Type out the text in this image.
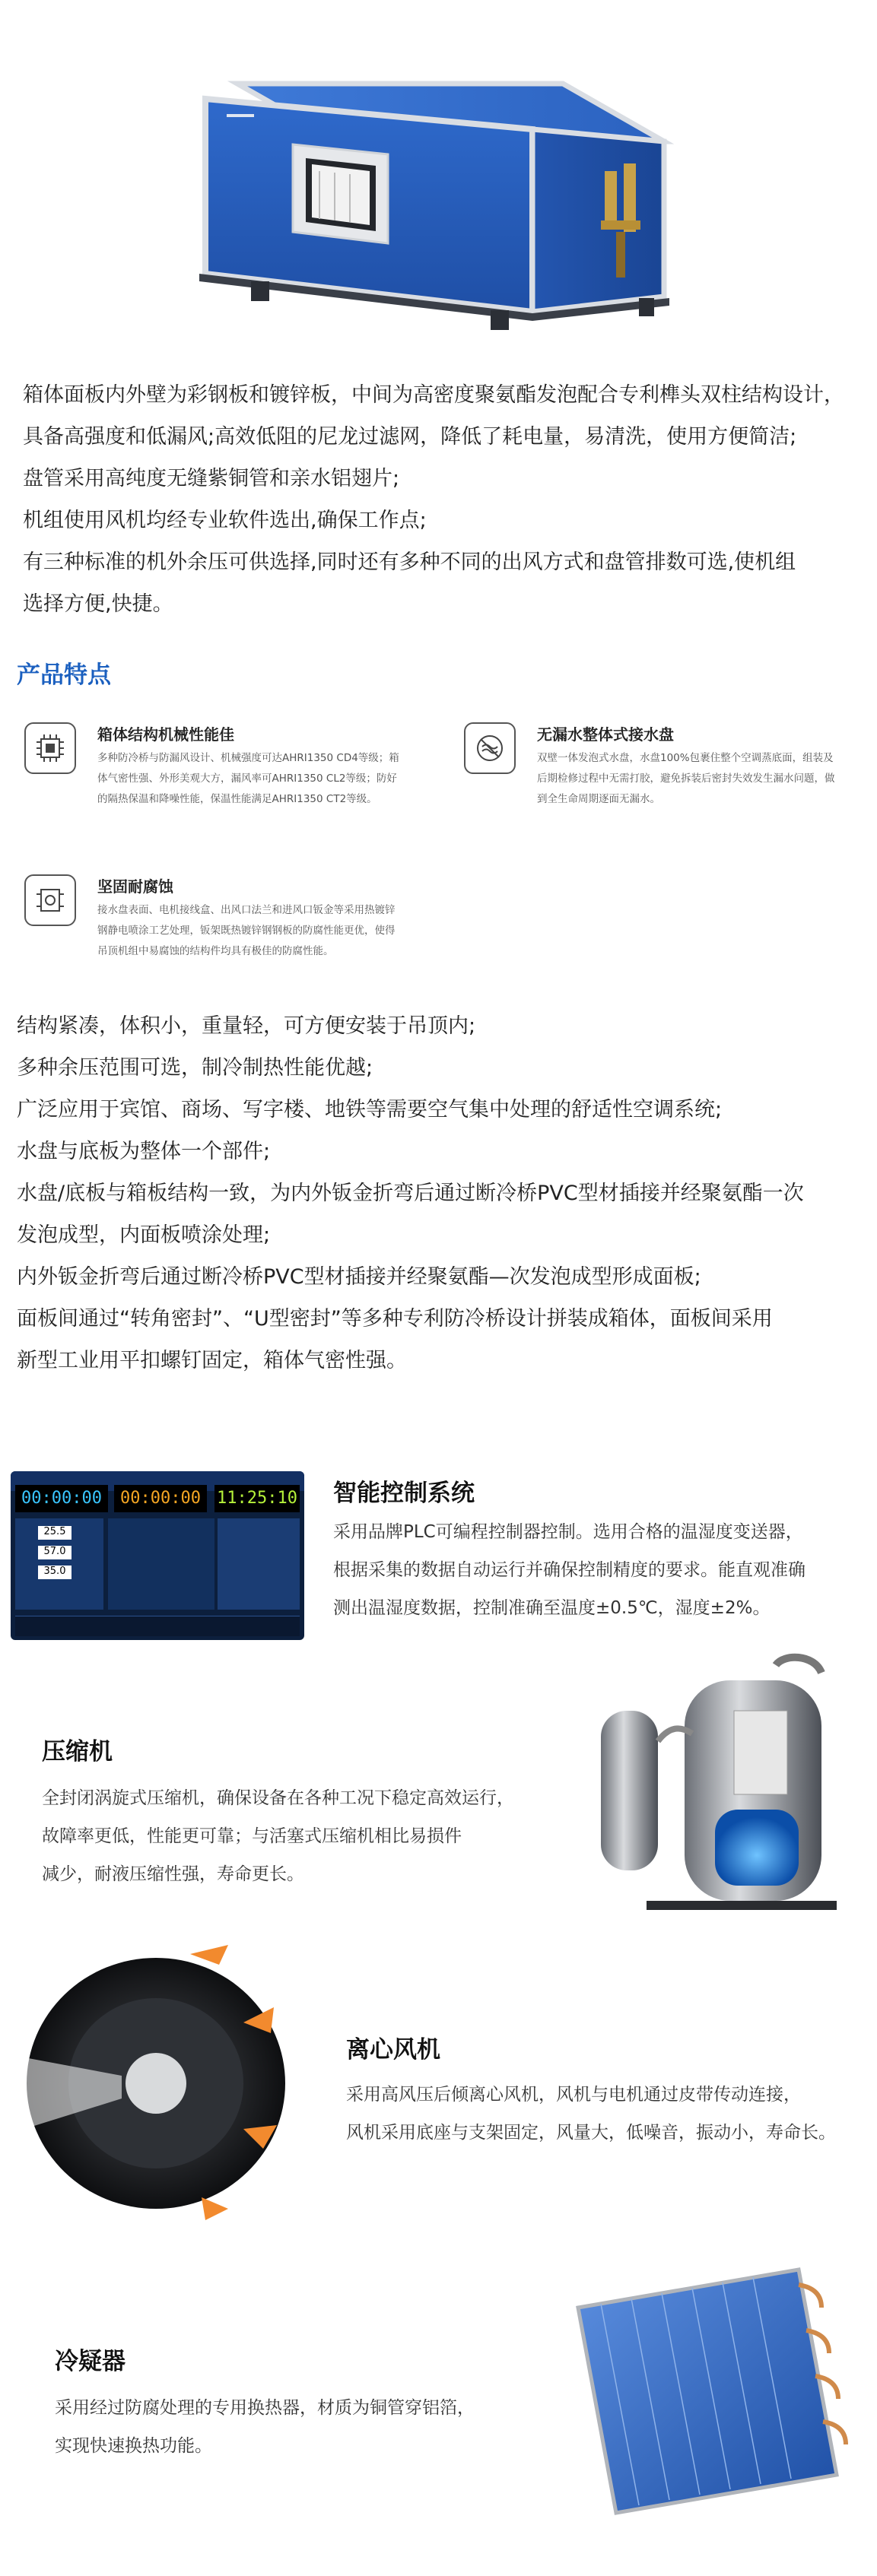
箱体面板内外壁为彩钢板和镀锌板，中间为高密度聚氨酯发泡配合专利榫头双柱结构设计，

具备高强度和低漏风;高效低阻的尼龙过滤网，降低了耗电量，易清洗，使用方便简洁;

盘管采用高纯度无缝紫铜管和亲水铝翅片;

机组使用风机均经专业软件选出,确保工作点;

有三种标准的机外余压可供选择,同时还有多种不同的出风方式和盘管排数可选,使机组

选择方便,快捷。

产品特点
箱体结构机械性能佳
多种防冷桥与防漏风设计、机械强度可达AHRI1350 CD4等级；箱体气密性强、外形美观大方，漏风率可AHRI1350 CL2等级；防好的隔热保温和降噪性能，保温性能满足AHRI1350 CT2等级。
无漏水整体式接水盘
双壁一体发泡式水盘，水盘100%包裹住整个空调蒸底面，组装及后期检修过程中无需打胶，避免拆装后密封失效发生漏水问题，做到全生命周期逐面无漏水。
坚固耐腐蚀
接水盘表面、电机接线盒、出风口法兰和进风口钣金等采用热镀锌钢静电喷涂工艺处理，钣架既热镀锌钢钢板的防腐性能更优，使得吊顶机组中易腐蚀的结构件均具有极佳的防腐性能。

结构紧凑，体积小，重量轻，可方便安装于吊顶内;

多种余压范围可选，制冷制热性能优越;

广泛应用于宾馆、商场、写字楼、地铁等需要空气集中处理的舒适性空调系统;

水盘与底板为整体一个部件;

水盘/底板与箱板结构一致，为内外钣金折弯后通过断冷桥PVC型材插接并经聚氨酯一次

发泡成型，内面板喷涂处理;

内外钣金折弯后通过断冷桥PVC型材插接并经聚氨酯—次发泡成型形成面板;

面板间通过“转角密封”、“U型密封”等多种专利防冷桥设计拼装成箱体，面板间采用

新型工业用平扣螺钉固定，箱体气密性强。

00:00:00	00:00:00 11:25:10
25.5
57.0
35.0
智能控制系统

采用品牌PLC可编程控制器控制。选用合格的温湿度变送器，

根据采集的数据自动运行并确保控制精度的要求。能直观准确

测出温湿度数据，控制准确至温度±0.5℃，湿度±2%。

压缩机

全封闭涡旋式压缩机，确保设备在各种工况下稳定高效运行，

故障率更低，性能更可靠；与活塞式压缩机相比易损件

减少，耐液压缩性强，寿命更长。

离心风机

采用高风压后倾离心风机，风机与电机通过皮带传动连接，

风机采用底座与支架固定，风量大，低噪音，振动小，寿命长。

冷疑器

采用经过防腐处理的专用换热器，材质为铜管穿铝箔，

实现快速换热功能。
